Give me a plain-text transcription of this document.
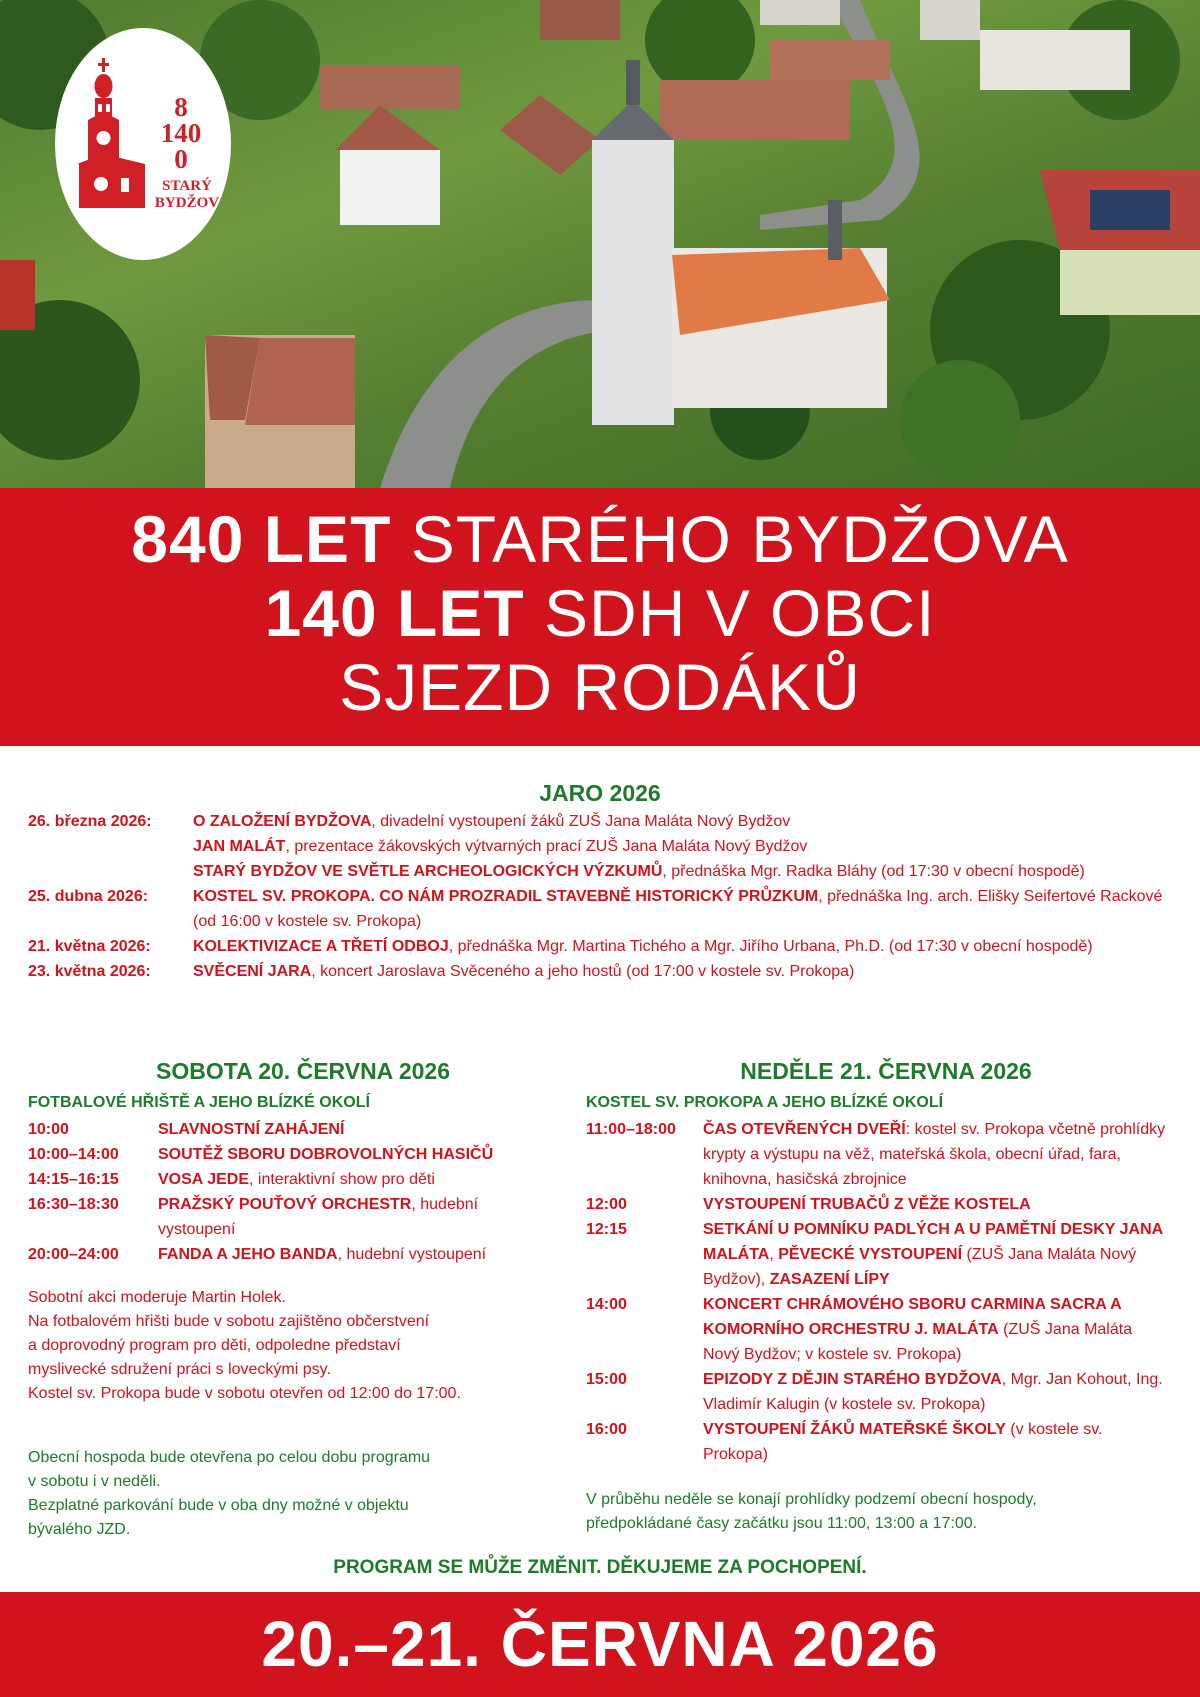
8
140
0
STARÝ
BYDŽOV
840 LET STARÉHO BYDŽOVA
140 LET SDH V OBCI
SJEZD RODÁKŮ
JARO 2026
26. března 2026:	O ZALOŽENÍ BYDŽOVA, divadelní vystoupení žáků ZUŠ Jana Maláta Nový Bydžov
JAN MALÁT, prezentace žákovských výtvarných prací ZUŠ Jana Maláta Nový Bydžov
STARÝ BYDŽOV VE SVĚTLE ARCHEOLOGICKÝCH VÝZKUMŮ, přednáška Mgr. Radka Bláhy (od 17:30 v obecní hospodě)
25. dubna 2026:	KOSTEL SV. PROKOPA. CO NÁM PROZRADIL STAVEBNĚ HISTORICKÝ PRŮZKUM, přednáška Ing. arch. Elišky Seifertové Rackové (od 16:00 v kostele sv. Prokopa)
21. května 2026:	KOLEKTIVIZACE A TŘETÍ ODBOJ, přednáška Mgr. Martina Tichého a Mgr. Jiřího Urbana, Ph.D. (od 17:30 v obecní hospodě)
23. května 2026:	SVĚCENÍ JARA, koncert Jaroslava Svěceného a jeho hostů (od 17:00 v kostele sv. Prokopa)
SOBOTA 20. ČERVNA 2026
FOTBALOVÉ HŘIŠTĚ A JEHO BLÍZKÉ OKOLÍ
10:00	SLAVNOSTNÍ ZAHÁJENÍ
10:00–14:00 SOUTĚŽ SBORU DOBROVOLNÝCH HASIČŮ
14:15–16:15 VOSA JEDE, interaktivní show pro děti
16:30–18:30 PRAŽSKÝ POUŤOVÝ ORCHESTR, hudební vystoupení
20:00–24:00 FANDA A JEHO BANDA, hudební vystoupení
Sobotní akci moderuje Martin Holek.
Na fotbalovém hřišti bude v sobotu zajištěno občerstvení
a doprovodný program pro děti, odpoledne představí
myslivecké sdružení práci s loveckými psy.
Kostel sv. Prokopa bude v sobotu otevřen od 12:00 do 17:00.
Obecní hospoda bude otevřena po celou dobu programu
v sobotu i v neděli.
Bezplatné parkování bude v oba dny možné v objektu
bývalého JZD.
NEDĚLE 21. ČERVNA 2026
KOSTEL SV. PROKOPA A JEHO BLÍZKÉ OKOLÍ
11:00–18:00 ČAS OTEVŘENÝCH DVEŘÍ: kostel sv. Prokopa včetně prohlídky krypty a výstupu na věž, mateřská škola, obecní úřad, fara, knihovna, hasičská zbrojnice
12:00	VYSTOUPENÍ TRUBAČŮ Z VĚŽE KOSTELA
12:15	SETKÁNÍ U POMNÍKU PADLÝCH A U PAMĚTNÍ DESKY JANA MALÁTA, PĚVECKÉ VYSTOUPENÍ (ZUŠ Jana Maláta Nový Bydžov), ZASAZENÍ LÍPY
14:00	KONCERT CHRÁMOVÉHO SBORU CARMINA SACRA A KOMORNÍHO ORCHESTRU J. MALÁTA (ZUŠ Jana Maláta Nový Bydžov; v kostele sv. Prokopa)
15:00	EPIZODY Z DĚJIN STARÉHO BYDŽOVA, Mgr. Jan Kohout, Ing. Vladimír Kalugin (v kostele sv. Prokopa)
16:00	VYSTOUPENÍ ŽÁKŮ MATEŘSKÉ ŠKOLY (v kostele sv. Prokopa)
V průběhu neděle se konají prohlídky podzemí obecní hospody,
předpokládané časy začátku jsou 11:00, 13:00 a 17:00.
PROGRAM SE MŮŽE ZMĚNIT. DĚKUJEME ZA POCHOPENÍ.
20.–21. ČERVNA 2026
